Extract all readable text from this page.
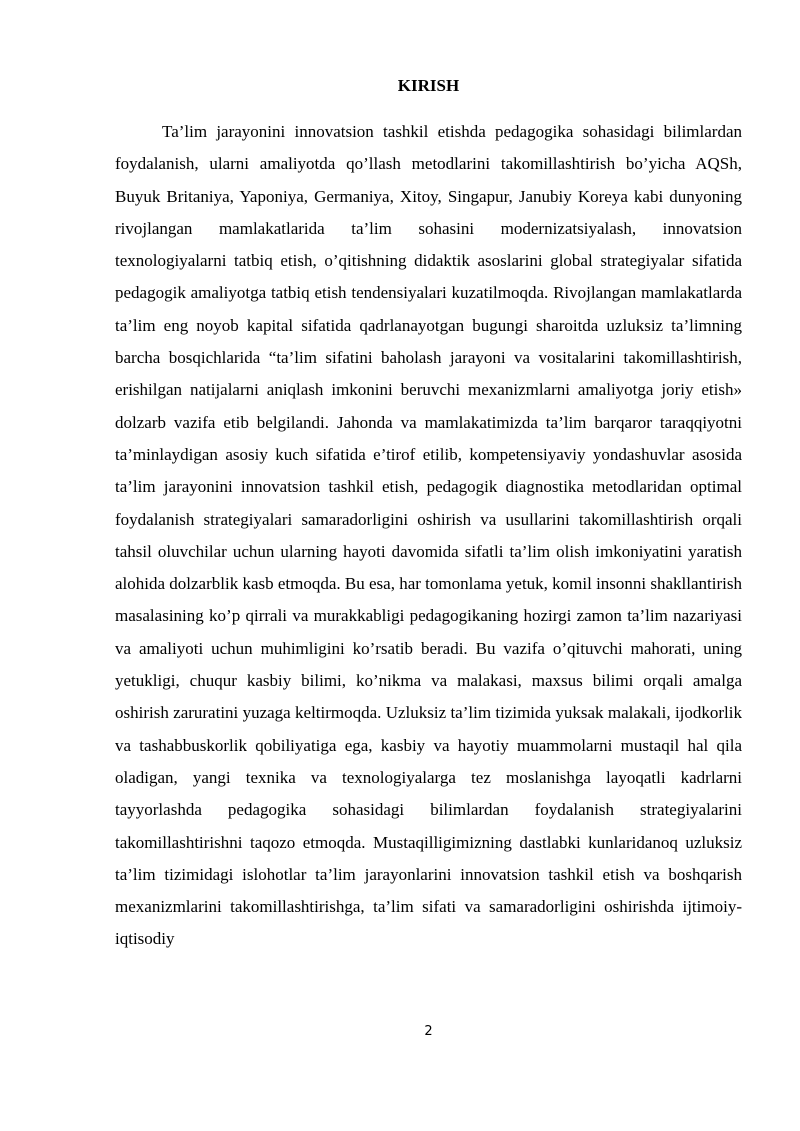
KIRISH

Ta’lim jarayonini innovatsion tashkil etishda pedagogika sohasidagi bilimlardan foydalanish, ularni amaliyotda qo’llash metodlarini takomillashtirish bo’yicha AQSh, Buyuk Britaniya, Yaponiya, Germaniya, Xitoy, Singapur, Janubiy Koreya kabi dunyoning rivojlangan mamlakatlarida ta’lim sohasini modernizatsiyalash, innovatsion texnologiyalarni tatbiq etish, o’qitishning didaktik asoslarini global strategiyalar sifatida pedagogik amaliyotga tatbiq etish tendensiyalari kuzatilmoqda. Rivojlangan mamlakatlarda ta’lim eng noyob kapital sifatida qadrlanayotgan bugungi sharoitda uzluksiz ta’limning barcha bosqichlarida “ta’lim sifatini baholash jarayoni va vositalarini takomillashtirish, erishilgan natijalarni aniqlash imkonini beruvchi mexanizmlarni amaliyotga joriy etish» dolzarb vazifa etib belgilandi. Jahonda va mamlakatimizda ta’lim barqaror taraqqiyotni ta’minlaydigan asosiy kuch sifatida e’tirof etilib, kompetensiyaviy yondashuvlar asosida ta’lim jarayonini innovatsion tashkil etish, pedagogik diagnostika metodlaridan optimal foydalanish strategiyalari samaradorligini oshirish va usullarini takomillashtirish orqali tahsil oluvchilar uchun ularning hayoti davomida sifatli ta’lim olish imkoniyatini yaratish alohida dolzarblik kasb etmoqda. Bu esa, har tomonlama yetuk, komil insonni shakllantirish masalasining ko’p qirrali va murakkabligi pedagogikaning hozirgi zamon ta’lim nazariyasi va amaliyoti uchun muhimligini ko’rsatib beradi. Bu vazifa o’qituvchi mahorati, uning yetukligi, chuqur kasbiy bilimi, ko’nikma va malakasi, maxsus bilimi orqali amalga oshirish zaruratini yuzaga keltirmoqda. Uzluksiz ta’lim tizimida yuksak malakali, ijodkorlik va tashabbuskorlik qobiliyatiga ega, kasbiy va hayotiy muammolarni mustaqil hal qila oladigan, yangi texnika va texnologiyalarga tez moslanishga layoqatli kadrlarni tayyorlashda pedagogika sohasidagi bilimlardan foydalanish strategiyalarini takomillashtirishni taqozo etmoqda. Mustaqilligimizning dastlabki kunlaridanoq uzluksiz ta’lim tizimidagi islohotlar ta’lim jarayonlarini innovatsion tashkil etish va boshqarish mexanizmlarini takomillashtirishga, ta’lim sifati va samaradorligini oshirishda ijtimoiy-iqtisodiy

2
